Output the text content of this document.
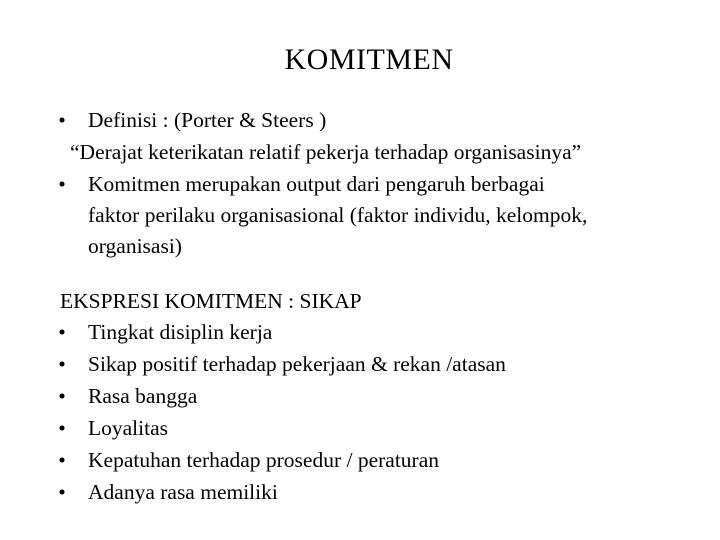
KOMITMEN
• Definisi : (Porter & Steers )
“Derajat keterikatan relatif pekerja terhadap organisasinya”
• Komitmen merupakan output dari pengaruh berbagai
faktor perilaku organisasional (faktor individu, kelompok,
organisasi)
EKSPRESI KOMITMEN : SIKAP
• Tingkat disiplin kerja
• Sikap positif terhadap pekerjaan & rekan /atasan
• Rasa bangga
• Loyalitas
• Kepatuhan terhadap prosedur / peraturan
• Adanya rasa memiliki
